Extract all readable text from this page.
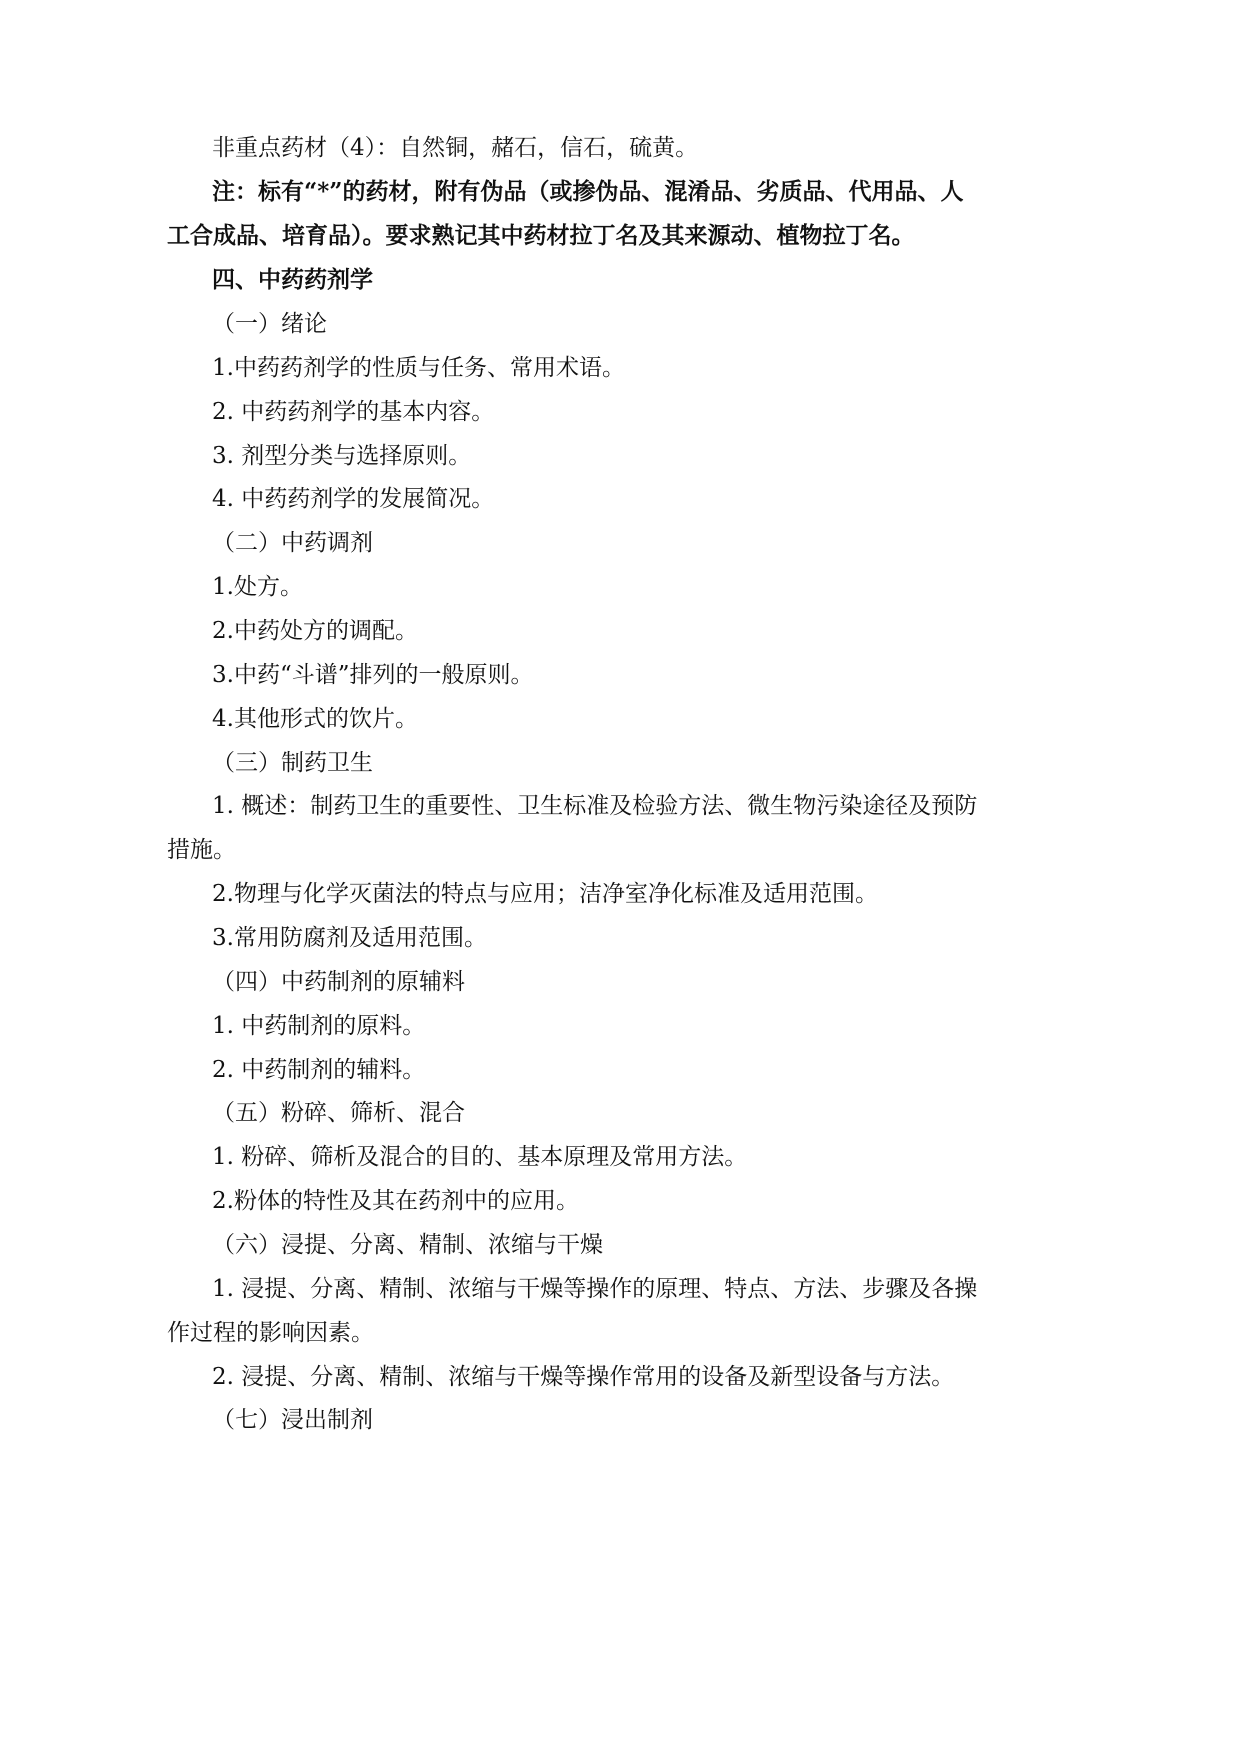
非重点药材（4）：自然铜，赭石，信石，硫黄。
注：标有“*”的药材，附有伪品（或掺伪品、混淆品、劣质品、代用品、人
工合成品、培育品）。要求熟记其中药材拉丁名及其来源动、植物拉丁名。
四、中药药剂学
（一）绪论
1.中药药剂学的性质与任务、常用术语。
2. 中药药剂学的基本内容。
3. 剂型分类与选择原则。
4. 中药药剂学的发展简况。
（二）中药调剂
1.处方。
2.中药处方的调配。
3.中药“斗谱”排列的一般原则。
4.其他形式的饮片。
（三）制药卫生
1. 概述：制药卫生的重要性、卫生标准及检验方法、微生物污染途径及预防
措施。
2.物理与化学灭菌法的特点与应用；洁净室净化标准及适用范围。
3.常用防腐剂及适用范围。
（四）中药制剂的原辅料
1. 中药制剂的原料。
2. 中药制剂的辅料。
（五）粉碎、筛析、混合
1. 粉碎、筛析及混合的目的、基本原理及常用方法。
2.粉体的特性及其在药剂中的应用。
（六）浸提、分离、精制、浓缩与干燥
1. 浸提、分离、精制、浓缩与干燥等操作的原理、特点、方法、步骤及各操
作过程的影响因素。
2. 浸提、分离、精制、浓缩与干燥等操作常用的设备及新型设备与方法。
（七）浸出制剂
